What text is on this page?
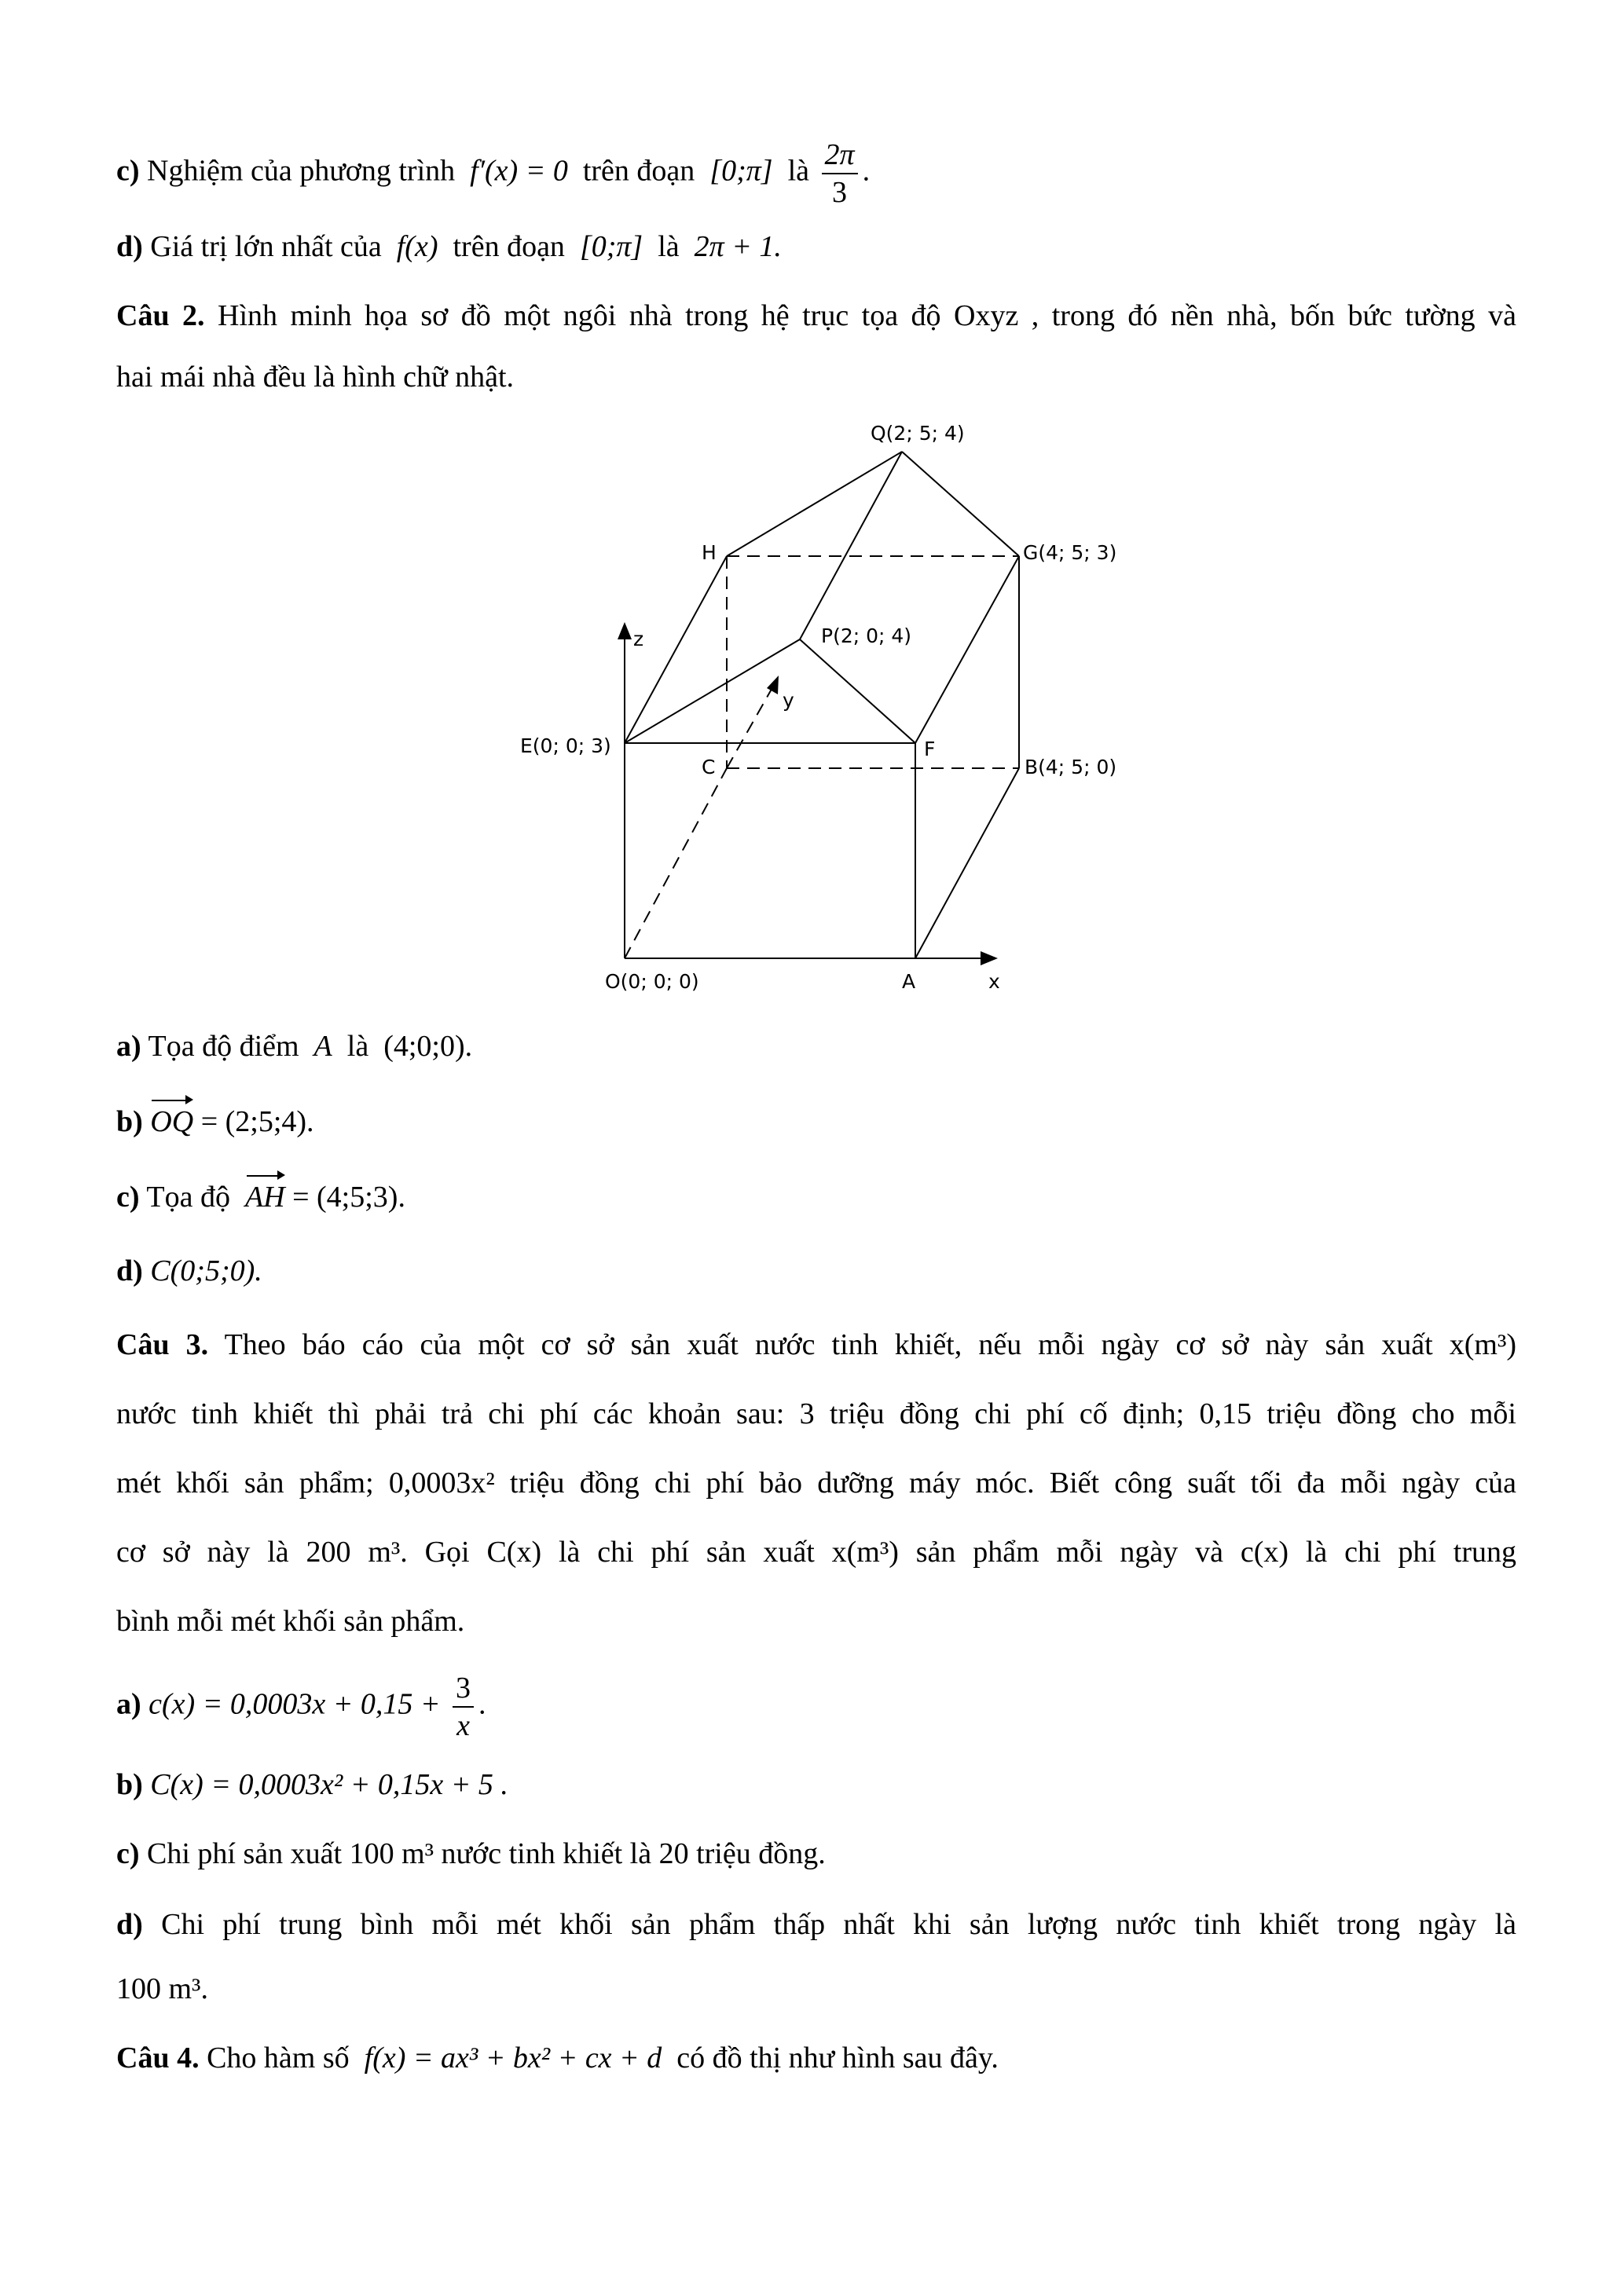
c) Nghiệm của phương trình f′(x) = 0 trên đoạn [0;π] là $\frac{2\pi}{3}$ .
d) Giá trị lớn nhất của f(x) trên đoạn [0;π] là 2π + 1.
Câu 2. Hình minh họa sơ đồ một ngôi nhà trong hệ trục tọa độ Oxyz , trong đó nền nhà, bốn bức tường và
hai mái nhà đều là hình chữ nhật.
Q(2; 5; 4)
H	G(4; 5; 3)
z	P(2; 0; 4)
y
E(0; 0; 3)
C
F
B(4; 5; 0)
O(0; 0; 0)	A	x
a) Tọa độ điểm A là (4;0;0).
b) OQ = (2;5;4).
c) Tọa độ AH = (4;5;3).
d) C(0;5;0).
Câu 3. Theo báo cáo của một cơ sở sản xuất nước tinh khiết, nếu mỗi ngày cơ sở này sản xuất x(m³)
nước tinh khiết thì phải trả chi phí các khoản sau: 3 triệu đồng chi phí cố định; 0,15 triệu đồng cho mỗi
mét khối sản phẩm; 0,0003x² triệu đồng chi phí bảo dưỡng máy móc. Biết công suất tối đa mỗi ngày của
cơ sở này là 200 m³. Gọi C(x) là chi phí sản xuất x(m³) sản phẩm mỗi ngày và c(x) là chi phí trung
bình mỗi mét khối sản phẩm.
a) $c(x) = 0,0003x + 0,15 + \frac{3}{x}$ .
b) C(x) = 0,0003x² + 0,15x + 5 .
c) Chi phí sản xuất 100 m³ nước tinh khiết là 20 triệu đồng.
d) Chi phí trung bình mỗi mét khối sản phẩm thấp nhất khi sản lượng nước tinh khiết trong ngày là
100 m³.
Câu 4. Cho hàm số f(x) = ax³ + bx² + cx + d có đồ thị như hình sau đây.
